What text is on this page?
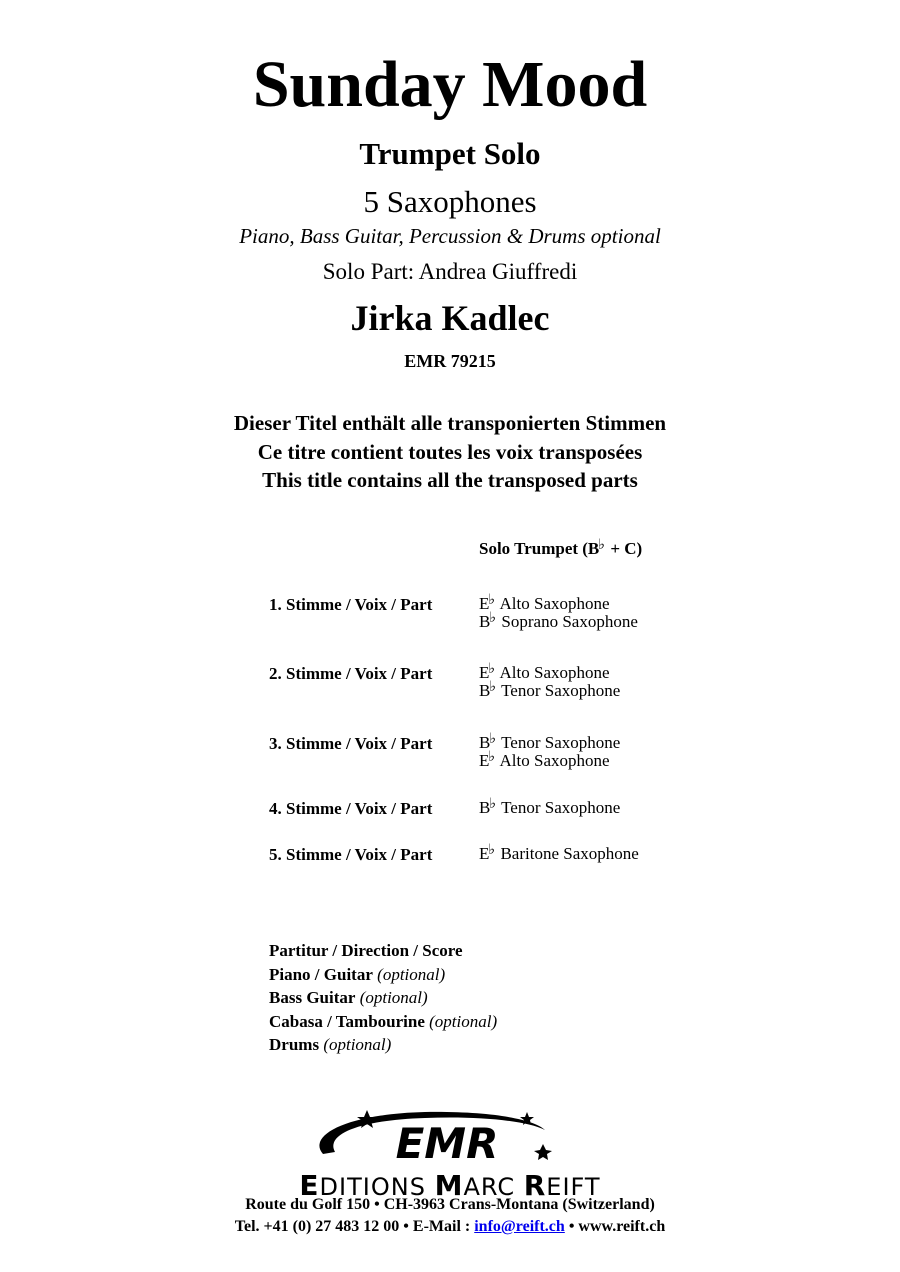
Sunday Mood
Trumpet Solo
5 Saxophones
Piano, Bass Guitar, Percussion & Drums optional
Solo Part: Andrea Giuffredi
Jirka Kadlec
EMR 79215
Dieser Titel enthält alle transponierten Stimmen
Ce titre contient toutes les voix transposées
This title contains all the transposed parts
Solo Trumpet (B♭ + C)
1. Stimme / Voix / Part	E♭ Alto Saxophone
B♭ Soprano Saxophone
2. Stimme / Voix / Part	E♭ Alto Saxophone
B♭ Tenor Saxophone
3. Stimme / Voix / Part	B♭ Tenor Saxophone
E♭ Alto Saxophone
4. Stimme / Voix / Part	B♭ Tenor Saxophone
5. Stimme / Voix / Part	E♭ Baritone Saxophone
Partitur / Direction / Score
Piano / Guitar (optional)
Bass Guitar (optional)
Cabasa / Tambourine (optional)
Drums (optional)
EMR
EDITIONS MARC REIFT
Route du Golf 150 • CH-3963 Crans-Montana (Switzerland)
Tel. +41 (0) 27 483 12 00 • E-Mail : info@reift.ch • www.reift.ch
